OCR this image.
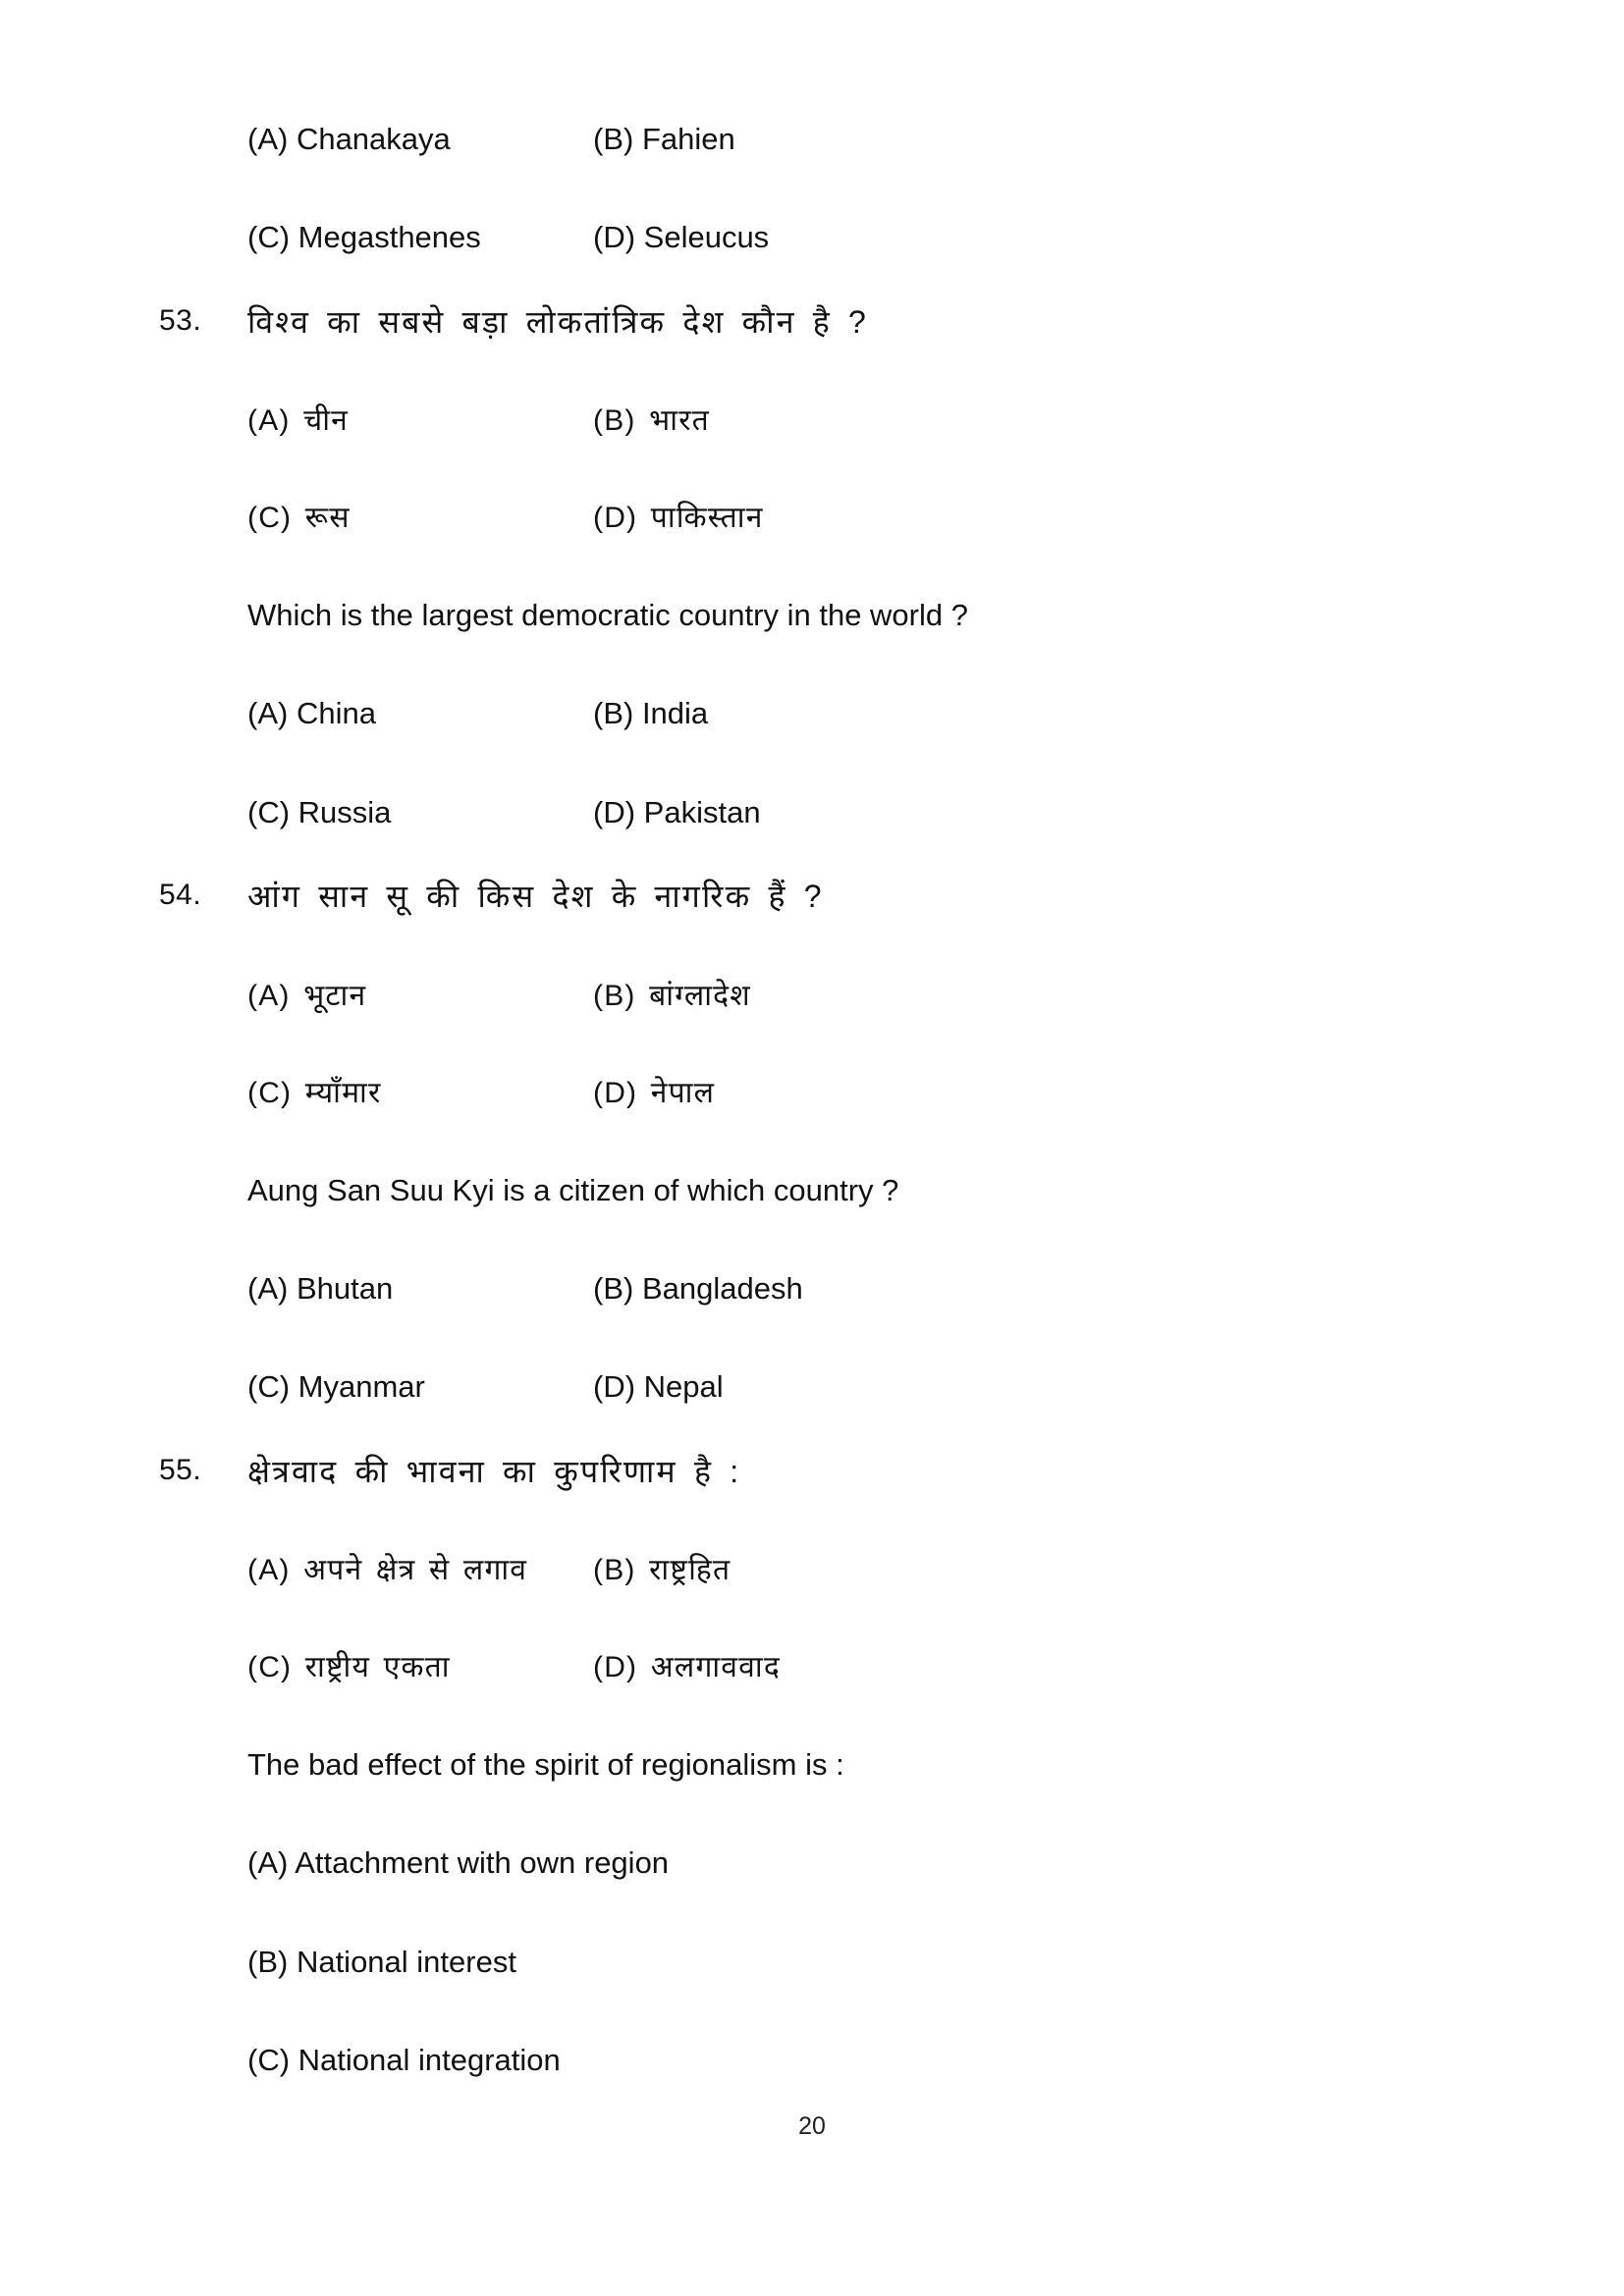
(A) Chanakaya	(B) Fahien
(C) Megasthenes	(D) Seleucus
53.	विश्व का सबसे बड़ा लोकतांत्रिक देश कौन है ?
(A) चीन	(B) भारत
(C) रूस	(D) पाकिस्तान
Which is the largest democratic country in the world ?
(A) China	(B) India
(C) Russia	(D) Pakistan
54.	आंग सान सू की किस देश के नागरिक हैं ?
(A) भूटान	(B) बांग्लादेश
(C) म्याँमार	(D) नेपाल
Aung San Suu Kyi is a citizen of which country ?
(A) Bhutan	(B) Bangladesh
(C) Myanmar	(D) Nepal
55.	क्षेत्रवाद की भावना का कुपरिणाम है :
(A) अपने क्षेत्र से लगाव	(B) राष्ट्रहित
(C) राष्ट्रीय एकता	(D) अलगाववाद
The bad effect of the spirit of regionalism is :
(A) Attachment with own region
(B) National interest
(C) National integration
20
